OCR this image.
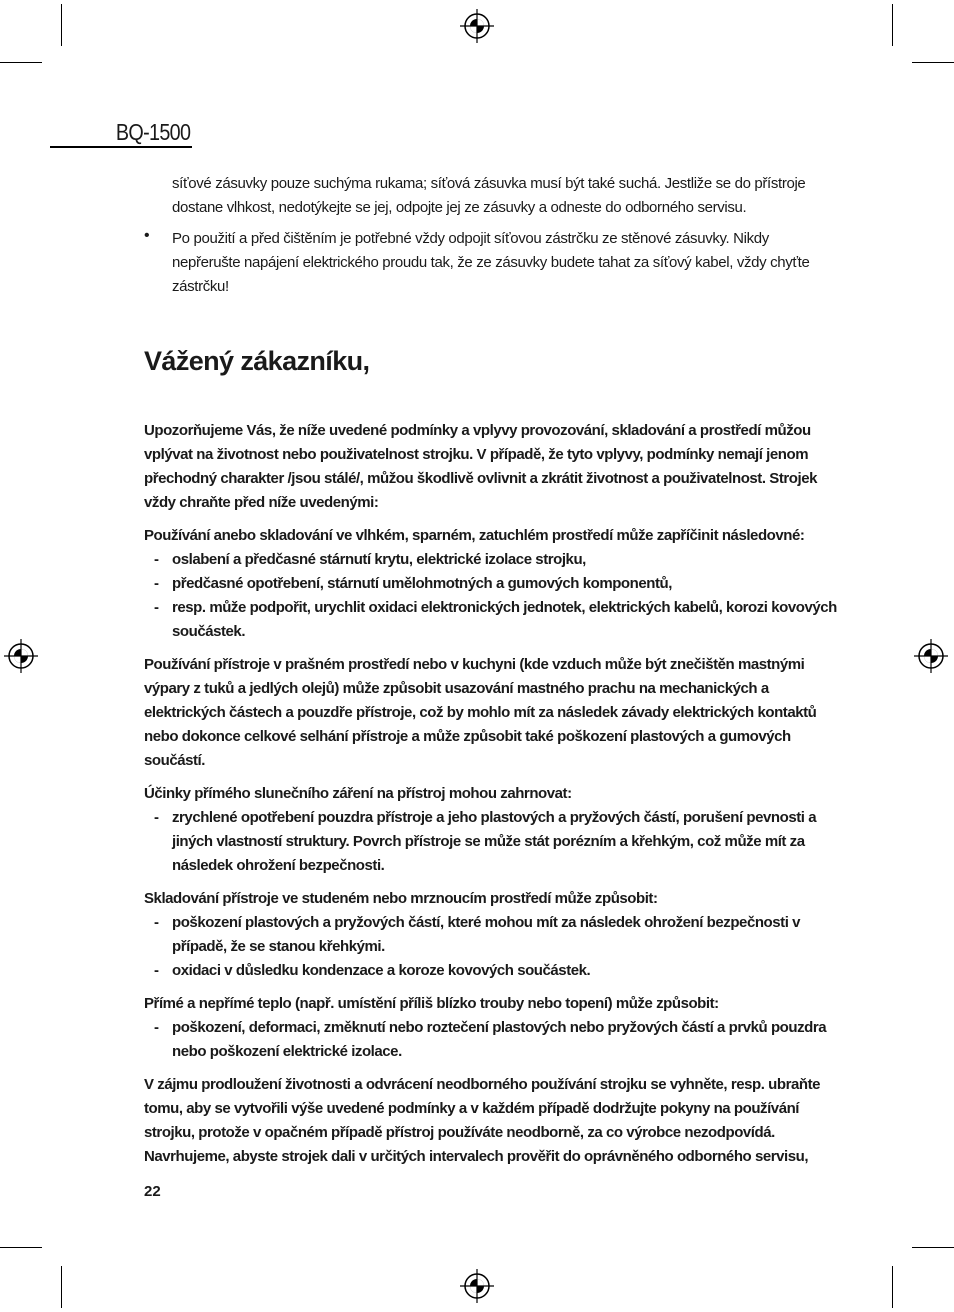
BQ-1500

síťové zásuvky pouze suchýma rukama; síťová zásuvka musí být také suchá. Jestliže se do přístroje dostane vlhkost, nedotýkejte se jej, odpojte jej ze zásuvky a odneste do odborného servisu.

• Po použití a před čištěním je potřebné vždy odpojit síťovou zástrčku ze stěnové zásuvky. Nikdy nepřerušte napájení elektrického proudu tak, že ze zásuvky budete tahat za síťový kabel, vždy chyťte zástrčku!

Vážený zákazníku,

Upozorňujeme Vás, že níže uvedené podmínky a vplyvy provozování, skladování a prostředí můžou vplývat na životnost nebo použivatelnost strojku. V případě, že tyto vplyvy, podmínky nemají jenom přechodný charakter /jsou stálé/, můžou škodlivě ovlivnit a zkrátit životnost a použivatelnost. Strojek vždy chraňte před níže uvedenými:

Používání anebo skladování ve vlhkém, sparném, zatuchlém prostředí může zapříčinit následovné:

- oslabení a předčasné stárnutí krytu, elektrické izolace strojku,
- předčasné opotřebení, stárnutí umělohmotných a gumových komponentů,
- resp. může podpořit, urychlit oxidaci elektronických jednotek, elektrických kabelů, korozi kovových součástek.

Používání přístroje v prašném prostředí nebo v kuchyni (kde vzduch může být znečištěn mastnými výpary z tuků a jedlých olejů) může způsobit usazování mastného prachu na mechanických a elektrických částech a pouzdře přístroje, což by mohlo mít za následek závady elektrických kontaktů nebo dokonce celkové selhání přístroje a může způsobit také poškození plastových a gumových součástí.

Účinky přímého slunečního záření na přístroj mohou zahrnovat:

- zrychlené opotřebení pouzdra přístroje a jeho plastových a pryžových částí, porušení pevnosti a jiných vlastností struktury. Povrch přístroje se může stát porézním a křehkým, což může mít za následek ohrožení bezpečnosti.

Skladování přístroje ve studeném nebo mrznoucím prostředí může způsobit:

- poškození plastových a pryžových částí, které mohou mít za následek ohrožení bezpečnosti v případě, že se stanou křehkými.
- oxidaci v důsledku kondenzace a koroze kovových součástek.

Přímé a nepřímé teplo (např. umístění příliš blízko trouby nebo topení) může způsobit:

- poškození, deformaci, změknutí nebo roztečení plastových nebo pryžových částí a prvků pouzdra nebo poškození elektrické izolace.

V zájmu prodloužení životnosti a odvrácení neodborného používání strojku se vyhněte, resp. ubraňte tomu, aby se vytvořili výše uvedené podmínky a v každém případě dodržujte pokyny na používání strojku, protože v opačném případě přístroj používáte neodborně, za co výrobce nezodpovídá. Navrhujeme, abyste strojek dali v určitých intervalech prověřit do oprávněného odborného servisu,

22
